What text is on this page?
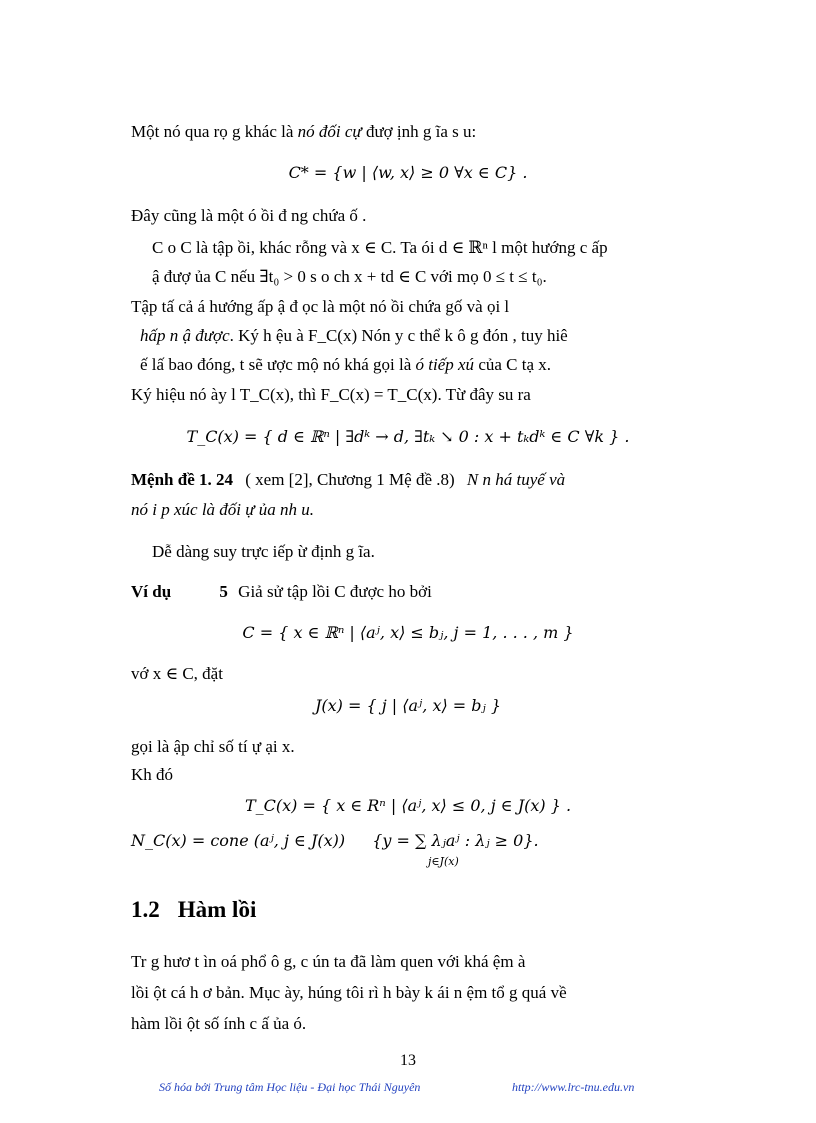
Một nó qua rọ g khác là nó đối cự đượ ịnh g ĩa s u:
C* = {w | ⟨w, x⟩ ≥ 0 ∀x ∈ C} .
Đây cũng là một ó ồi đ ng chứa ố .
C o C là tập ồi, khác rỗng và x ∈ C. Ta ói d ∈ ℝⁿ l một hướng c ấp
ậ đượ ủa C nếu ∃t₀ > 0 s o ch x + td ∈ C với mọ 0 ≤ t ≤ t₀.
Tập tấ cả á hướng ấp ậ đ ọc là một nó ồi chứa gố và ọi l
hấp n ậ được. Ký h ệu à F_C(x) Nón y c thể k ô g đón , tuy hiê
ế lấ bao đóng, t sẽ ược mộ nó khá gọi là ó tiếp xú của C tạ x.
Ký hiệu nó ày l T_C(x), thì F_C(x) = T_C(x). Từ đây su ra
T_C(x) = { d ∈ ℝⁿ | ∃dᵏ → d, ∃tₖ ↘ 0 : x + tₖdᵏ ∈ C ∀k } .
Mệnh đề 1. 24 ( xem [2], Chương 1 Mệ đề .8) N n há tuyế và
nó i p xúc là đối ự ủa nh u.
Dễ dàng suy trực iếp ừ định g ĩa.
Ví dụ	5 Giả sử tập lồi C được ho bởi
C = { x ∈ ℝⁿ | ⟨aʲ, x⟩ ≤ bⱼ, j = 1, . . . , m }
vớ x ∈ C, đặt
J(x) = { j | ⟨aʲ, x⟩ = bⱼ }
gọi là ập chỉ số tí ự ại x.
Kh đó
T_C(x) = { x ∈ Rⁿ | ⟨aʲ, x⟩ ≤ 0, j ∈ J(x) } .
N_C(x) = cone (aʲ, j ∈ J(x)) {y = ∑ λⱼaʲ : λⱼ ≥ 0}.
j∈J(x)
1.2 Hàm lồi
Tr g hươ t ìn oá phổ ô g, c ún ta đã làm quen với khá ệm à
lồi ột cá h ơ bản. Mục ày, húng tôi rì h bày k ái n ệm tổ g quá về
hàm lồi ột số ính c ấ ủa ó.
13
Số hóa bởi Trung tâm Học liệu - Đại học Thái Nguyên	http://www.lrc-tnu.edu.vn
